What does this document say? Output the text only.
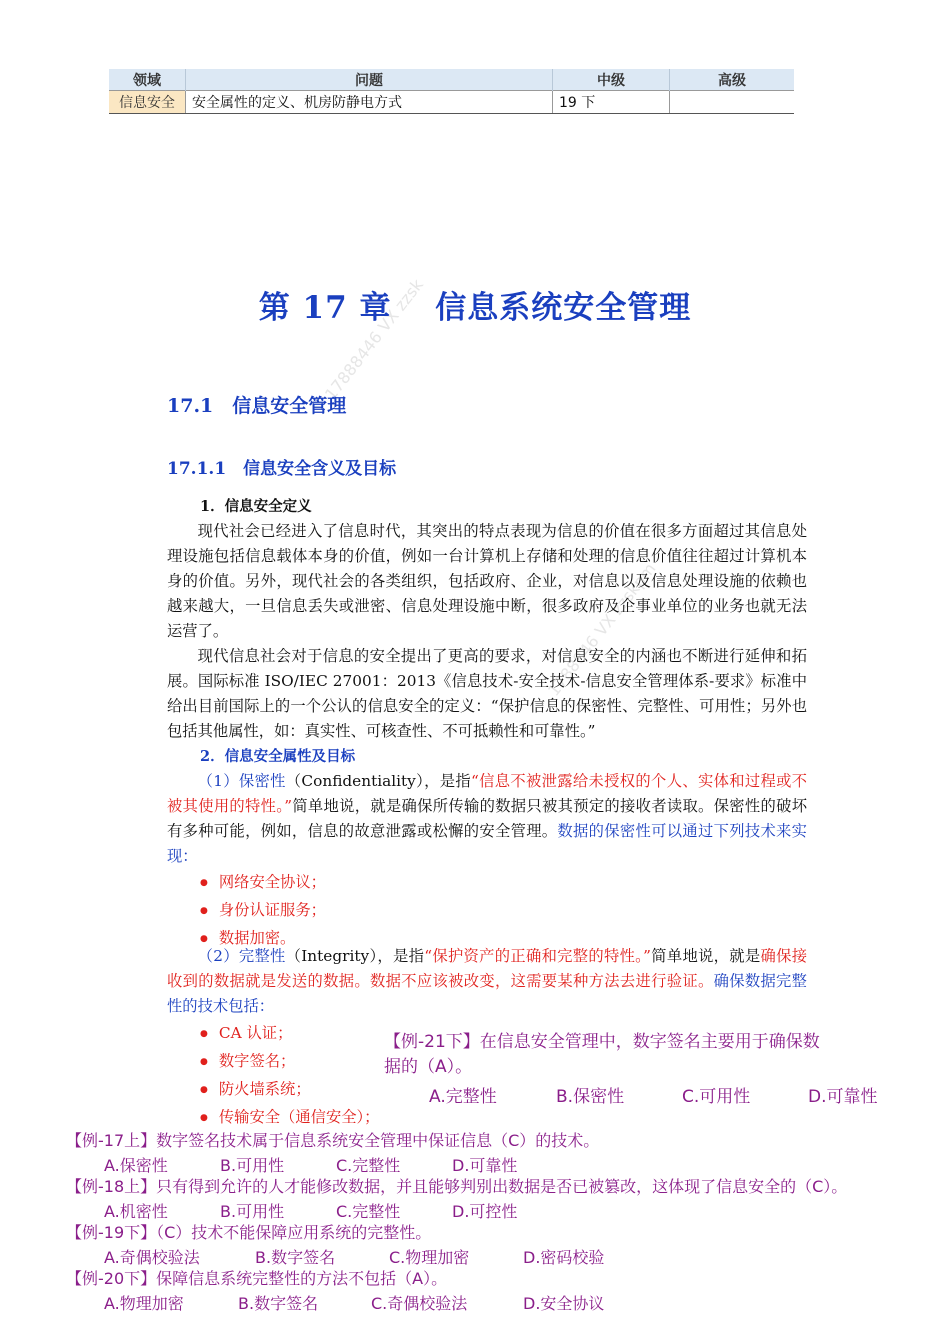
17888446 VX zzsk
1788846 VX zzskpm
领域	问题	中级	高级
信息安全	安全属性的定义、机房防静电方式	19 下	
第 17 章　 信息系统安全管理
17.1　信息安全管理
17.1.1　信息安全含义及目标
1．信息安全定义

现代社会已经进入了信息时代，其突出的特点表现为信息的价值在很多方面超过其信息处理设施包括信息载体本身的价值，例如一台计算机上存储和处理的信息价值往往超过计算机本身的价值。另外，现代社会的各类组织，包括政府、企业，对信息以及信息处理设施的依赖也越来越大，一旦信息丢失或泄密、信息处理设施中断，很多政府及企事业单位的业务也就无法运营了。

现代信息社会对于信息的安全提出了更高的要求，对信息安全的内涵也不断进行延伸和拓展。国际标准 ISO/IEC 27001：2013《信息技术-安全技术-信息安全管理体系-要求》标准中给出目前国际上的一个公认的信息安全的定义：“保护信息的保密性、完整性、可用性；另外也包括其他属性，如：真实性、可核查性、不可抵赖性和可靠性。”

2．信息安全属性及目标

（1）保密性（Confidentiality），是指“信息不被泄露给未授权的个人、实体和过程或不被其使用的特性。”简单地说，就是确保所传输的数据只被其预定的接收者读取。保密性的破坏有多种可能，例如，信息的故意泄露或松懈的安全管理。数据的保密性可以通过下列技术来实现：

● 网络安全协议；
● 身份认证服务；
● 数据加密。

（2）完整性（Integrity），是指“保护资产的正确和完整的特性。”简单地说，就是确保接收到的数据就是发送的数据。数据不应该被改变，这需要某种方法去进行验证。确保数据完整性的技术包括：

● CA 认证；
● 数字签名；
● 防火墙系统；
● 传输安全（通信安全）；
【例-21下】在信息安全管理中，数字签名主要用于确保数
据的（A）。
A.完整性	B.保密性	C.可用性	D.可靠性
【例-17上】数字签名技术属于信息系统安全管理中保证信息（C）的技术。
A.保密性	B.可用性	C.完整性	D.可靠性
【例-18上】只有得到允许的人才能修改数据，并且能够判别出数据是否已被篡改，这体现了信息安全的（C）。
A.机密性	B.可用性	C.完整性	D.可控性
【例-19下】（C）技术不能保障应用系统的完整性。
A.奇偶校验法	B.数字签名	C.物理加密	D.密码校验
【例-20下】保障信息系统完整性的方法不包括（A）。
A.物理加密	B.数字签名	C.奇偶校验法	D.安全协议
